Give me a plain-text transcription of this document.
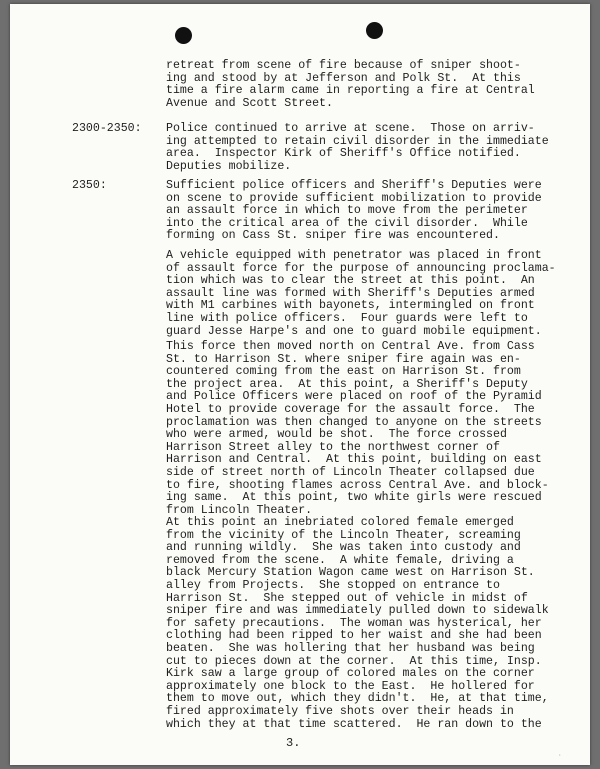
retreat from scene of fire because of sniper shoot-
ing and stood by at Jefferson and Polk St.  At this
time a fire alarm came in reporting a fire at Central
Avenue and Scott Street.
2300-2350: Police continued to arrive at scene.  Those on arriv-
ing attempted to retain civil disorder in the immediate
area.  Inspector Kirk of Sheriff's Office notified.
Deputies mobilize.
2350:	Sufficient police officers and Sheriff's Deputies were
on scene to provide sufficient mobilization to provide
an assault force in which to move from the perimeter
into the critical area of the civil disorder.  While
forming on Cass St. sniper fire was encountered.
A vehicle equipped with penetrator was placed in front
of assault force for the purpose of announcing proclama-
tion which was to clear the street at this point.  An
assault line was formed with Sheriff's Deputies armed
with M1 carbines with bayonets, intermingled on front
line with police officers.  Four guards were left to
guard Jesse Harpe's and one to guard mobile equipment.
This force then moved north on Central Ave. from Cass
St. to Harrison St. where sniper fire again was en-
countered coming from the east on Harrison St. from
the project area.  At this point, a Sheriff's Deputy
and Police Officers were placed on roof of the Pyramid
Hotel to provide coverage for the assault force.  The
proclamation was then changed to anyone on the streets
who were armed, would be shot.  The force crossed
Harrison Street alley to the northwest corner of
Harrison and Central.  At this point, building on east
side of street north of Lincoln Theater collapsed due
to fire, shooting flames across Central Ave. and block-
ing same.  At this point, two white girls were rescued
from Lincoln Theater.
At this point an inebriated colored female emerged
from the vicinity of the Lincoln Theater, screaming
and running wildly.  She was taken into custody and
removed from the scene.  A white female, driving a
black Mercury Station Wagon came west on Harrison St.
alley from Projects.  She stopped on entrance to
Harrison St.  She stepped out of vehicle in midst of
sniper fire and was immediately pulled down to sidewalk
for safety precautions.  The woman was hysterical, her
clothing had been ripped to her waist and she had been
beaten.  She was hollering that her husband was being
cut to pieces down at the corner.  At this time, Insp.
Kirk saw a large group of colored males on the corner
approximately one block to the East.  He hollered for
them to move out, which they didn't.  He, at that time,
fired approximately five shots over their heads in
which they at that time scattered.  He ran down to the
3.
·
